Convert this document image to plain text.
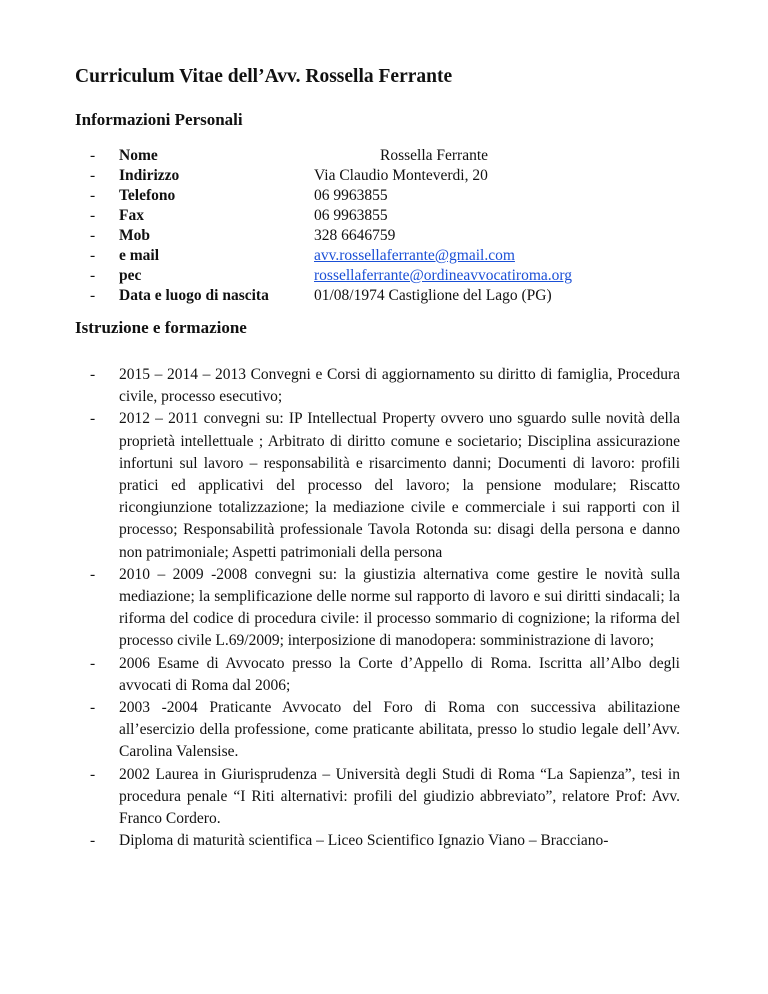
Curriculum Vitae dell’Avv. Rossella Ferrante
Informazioni Personali
- Nome	Rossella Ferrante
- Indirizzo	Via Claudio Monteverdi, 20
- Telefono	06 9963855
- Fax	06 9963855
- Mob	328 6646759
- e mail	avv.rossellaferrante@gmail.com
- pec	rossellaferrante@ordineavvocatiroma.org
- Data e luogo di nascita	01/08/1974 Castiglione del Lago (PG)
Istruzione e formazione
- 2015 – 2014 – 2013 Convegni e Corsi di aggiornamento su diritto di famiglia, Procedura civile, processo esecutivo;
- 2012 – 2011 convegni su: IP Intellectual Property ovvero uno sguardo sulle novità della proprietà intellettuale ; Arbitrato di diritto comune e societario; Disciplina assicurazione infortuni sul lavoro – responsabilità e risarcimento danni; Documenti di lavoro: profili pratici ed applicativi del processo del lavoro; la pensione modulare; Riscatto ricongiunzione totalizzazione; la mediazione civile e commerciale i sui rapporti con il processo; Responsabilità professionale Tavola Rotonda su: disagi della persona e danno non patrimoniale; Aspetti patrimoniali della persona
- 2010 – 2009 -2008 convegni su: la giustizia alternativa come gestire le novità sulla mediazione; la semplificazione delle norme sul rapporto di lavoro e sui diritti sindacali; la riforma del codice di procedura civile: il processo sommario di cognizione; la riforma del processo civile L.69/2009; interposizione di manodopera: somministrazione di lavoro;
- 2006 Esame di Avvocato presso la Corte d’Appello di Roma. Iscritta all’Albo degli avvocati di Roma dal 2006;
- 2003 -2004 Praticante Avvocato del Foro di Roma con successiva abilitazione all’esercizio della professione, come praticante abilitata, presso lo studio legale dell’Avv. Carolina Valensise.
- 2002 Laurea in Giurisprudenza – Università degli Studi di Roma “La Sapienza”, tesi in procedura penale “I Riti alternativi: profili del giudizio abbreviato”, relatore Prof: Avv. Franco Cordero.
- Diploma di maturità scientifica – Liceo Scientifico Ignazio Viano – Bracciano-
